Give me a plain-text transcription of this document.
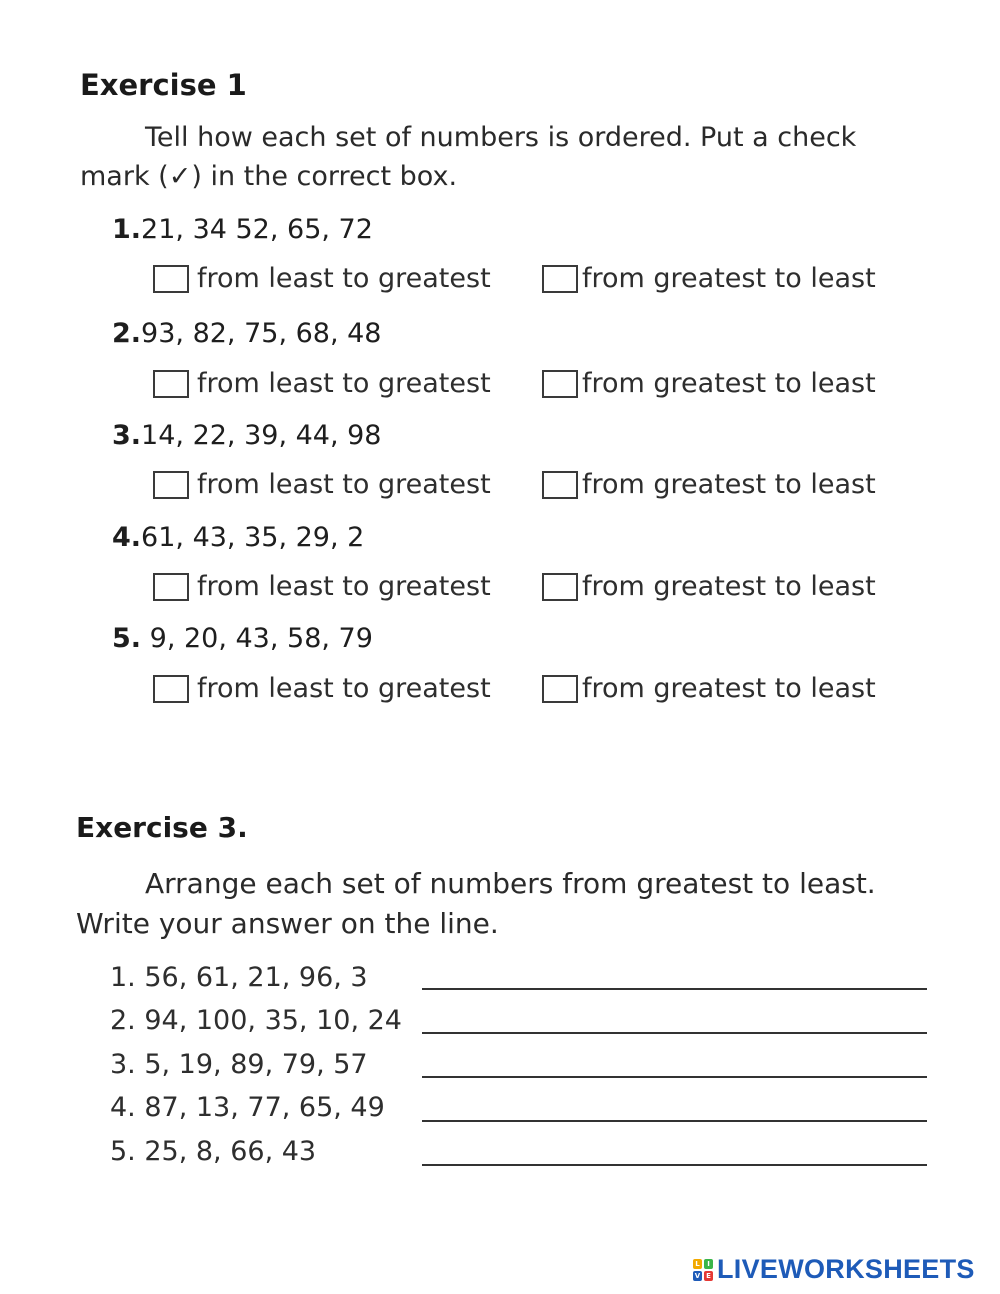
Exercise 1
Tell how each set of numbers is ordered. Put a check
mark (✓) in the correct box.
1.21, 34 52, 65, 72
from least to greatest	from greatest to least
2.93, 82, 75, 68, 48
from least to greatest	from greatest to least
3.14, 22, 39, 44, 98
from least to greatest	from greatest to least
4.61, 43, 35, 29, 2
from least to greatest	from greatest to least
5. 9, 20, 43, 58, 79
from least to greatest	from greatest to least
Exercise 3.
Arrange each set of numbers from greatest to least.
Write your answer on the line.
1. 56, 61, 21, 96, 3
2. 94, 100, 35, 10, 24
3. 5, 19, 89, 79, 57
4. 87, 13, 77, 65, 49
5. 25, 8, 66, 43
L	I
V E LIVEWORKSHEETS
